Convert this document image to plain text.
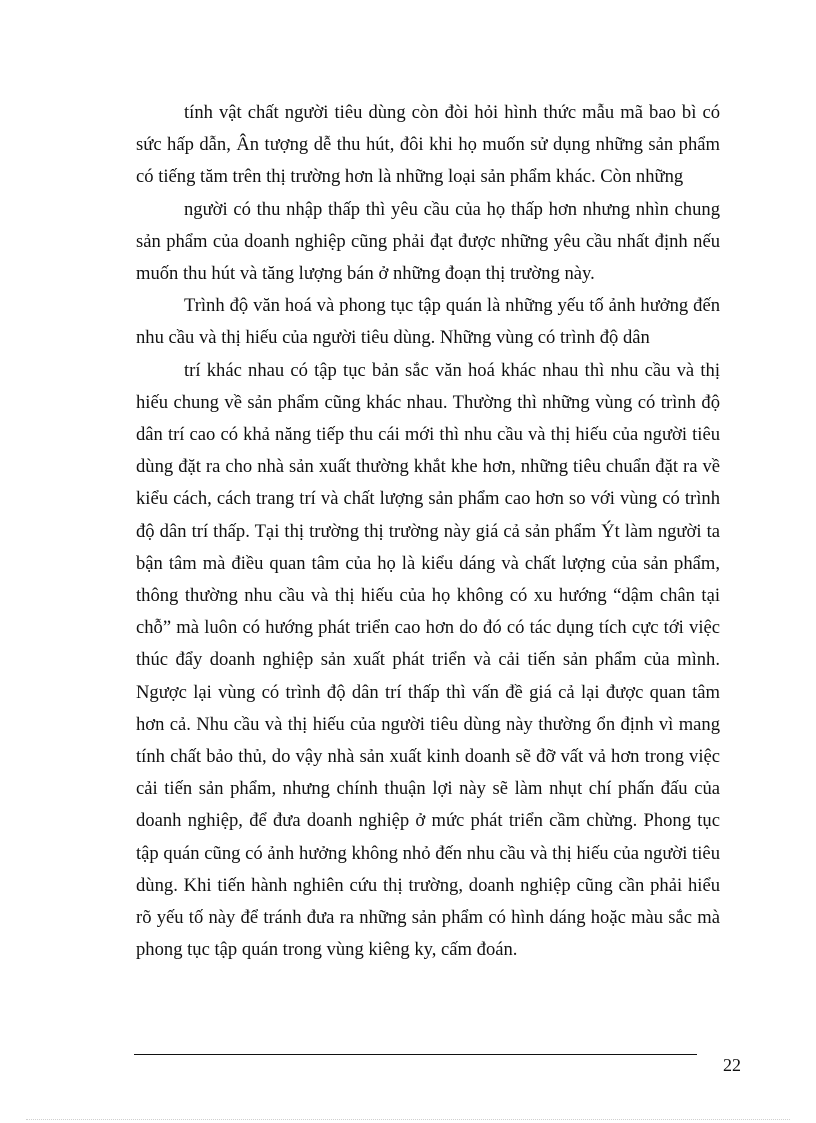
tính vật chất người tiêu dùng còn đòi hỏi hình thức mẫu mã bao bì có sức hấp dẫn, Ân tượng dễ thu hút, đôi khi họ muốn sử dụng những sản phẩm có tiếng tăm trên thị trường hơn là những loại sản phẩm khác. Còn những

người có thu nhập thấp thì yêu cầu của họ thấp hơn nhưng nhìn chung sản phẩm của doanh nghiệp cũng phải đạt được những yêu cầu nhất định nếu muốn thu hút và tăng lượng bán ở những đoạn thị trường này.

Trình độ văn hoá và phong tục tập quán là những yếu tố ảnh hưởng đến nhu cầu và thị hiếu của người tiêu dùng. Những vùng có trình độ dân

trí khác nhau có tập tục bản sắc văn hoá khác nhau thì nhu cầu và thị hiếu chung về sản phẩm cũng khác nhau. Thường thì những vùng có trình độ dân trí cao có khả năng tiếp thu cái mới thì nhu cầu và thị hiếu của người tiêu dùng đặt ra cho nhà sản xuất thường khắt khe hơn, những tiêu chuẩn đặt ra về kiểu cách, cách trang trí và chất lượng sản phẩm cao hơn so với vùng có trình độ dân trí thấp. Tại thị trường thị trường này giá cả sản phẩm Ýt làm người ta bận tâm mà điều quan tâm của họ là kiểu dáng và chất lượng của sản phẩm, thông thường nhu cầu và thị hiếu của họ không có xu hướng “dậm chân tại chỗ” mà luôn có hướng phát triển cao hơn do đó có tác dụng tích cực tới việc thúc đẩy doanh nghiệp sản xuất phát triển và cải tiến sản phẩm của mình. Ngược lại vùng có trình độ dân trí thấp thì vấn đề giá cả lại được quan tâm hơn cả. Nhu cầu và thị hiếu của người tiêu dùng này thường ổn định vì mang tính chất bảo thủ, do vậy nhà sản xuất kinh doanh sẽ đỡ vất vả hơn trong việc cải tiến sản phẩm, nhưng chính thuận lợi này sẽ làm nhụt chí phấn đấu của doanh nghiệp, để đưa doanh nghiệp ở mức phát triển cầm chừng. Phong tục tập quán cũng có ảnh hưởng không nhỏ đến nhu cầu và thị hiếu của người tiêu dùng. Khi tiến hành nghiên cứu thị trường, doanh nghiệp cũng cần phải hiểu rõ yếu tố này để tránh đưa ra những sản phẩm có hình dáng hoặc màu sắc mà phong tục tập quán trong vùng kiêng ky, cấm đoán.

22
